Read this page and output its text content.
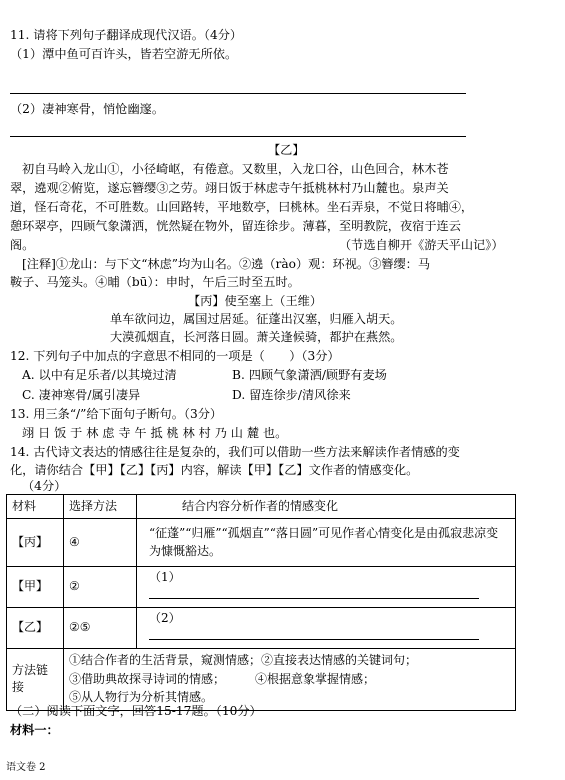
11. 请将下列句子翻译成现代汉语。（4分）
（1）潭中鱼可百许头，皆若空游无所依。
（2）凄神寒骨，悄怆幽邃。
【乙】
初自马岭入龙山①，小径崎岖，有倦意。又数里，入龙口谷，山色回合，林木苍
翠，遶观②俯览，遂忘簪缨③之劳。翊日饭于林虑寺午抵桃林村乃山麓也。泉声关
道，怪石奇花，不可胜数。山回路转，平地数亭，曰桃林。坐石弄泉，不觉日将晡④，
憩环翠亭，四顾气象潇洒，恍然疑在物外，留连徐步。薄暮，至明教院，夜宿于连云
阁。	（节选自柳开《游天平山记》）
[注释]①龙山：与下文“林虑”均为山名。②遶（rào）观：环视。③簪缨：马
鞍子、马笼头。④晡（bū）：申时，午后三时至五时。
【丙】使至塞上（王维）
单车欲问边，属国过居延。征蓬出汉塞，归雁入胡天。
大漠孤烟直，长河落日圆。萧关逢候骑，都护在燕然。
12. 下列句子中加点的字意思不相同的一项是（　　）（3分）
A. 以中有足乐者/以其境过清	B. 四顾气象潇洒/顾野有麦场
C. 凄神寒骨/属引凄异	D. 留连徐步/清风徐来
13. 用三条“/”给下面句子断句。（3分）
翊 日 饭 于 林 虑 寺 午 抵 桃 林 村 乃 山 麓 也。
14. 古代诗文表达的情感往往是复杂的，我们可以借助一些方法来解读作者情感的变
化，请你结合【甲】【乙】【丙】内容，解读【甲】【乙】文作者的情感变化。
（4分）
材料	选择方法	结合内容分析作者的情感变化
【丙】	④	“征蓬”“归雁”“孤烟直”“落日圆”可见作者心情变化是由孤寂悲凉变为慷慨豁达。
【甲】	②	（1）
【乙】	②⑤	（2）
方法链接	①结合作者的生活背景，窥测情感；②直接表达情感的关键词句；
③借助典故探寻诗词的情感；　　　④根据意象掌握情感；
⑤从人物行为分析其情感。	
（二）阅读下面文字，回答15-17题。（10分）
材料一：
语文卷 2
